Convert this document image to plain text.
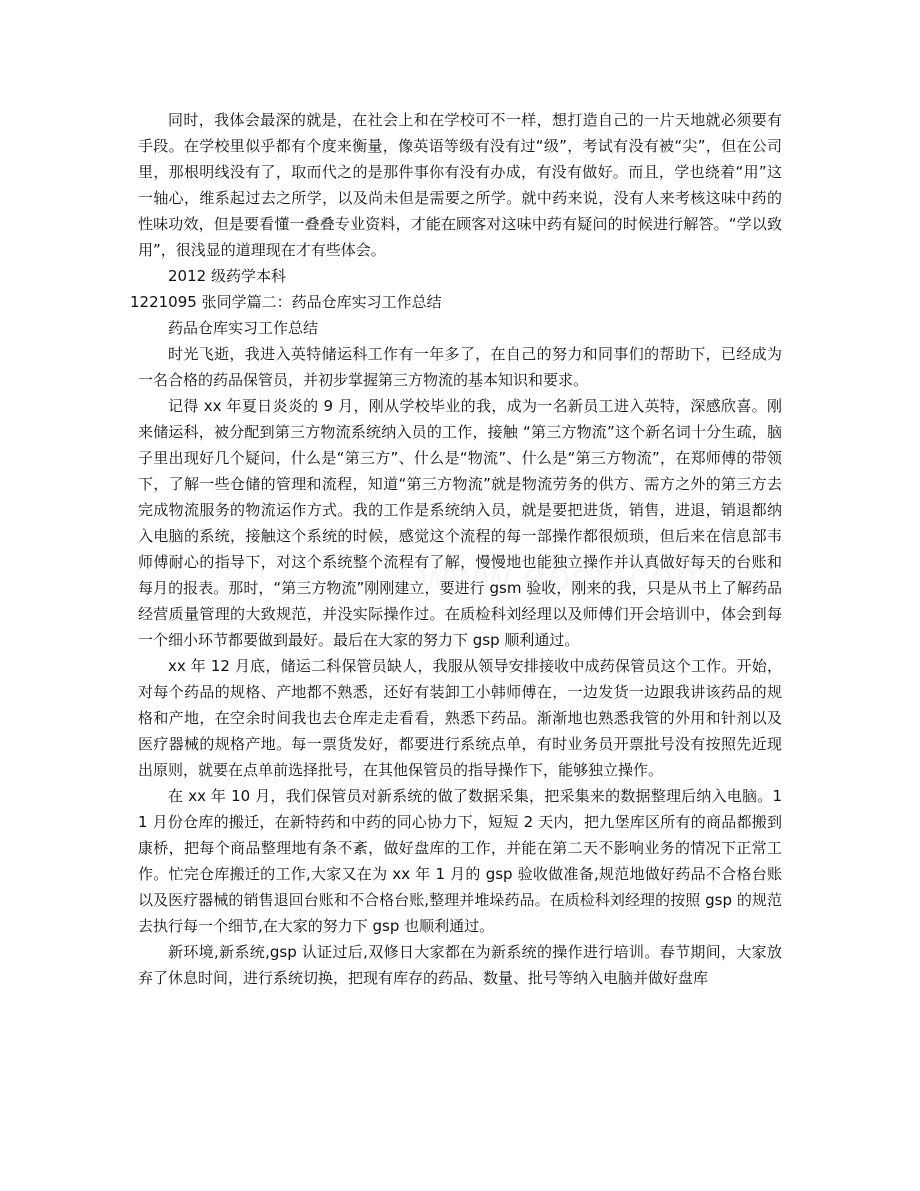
同时，我体会最深的就是，在社会上和在学校可不一样，想打造自己的一片天地就必须要有手段。在学校里似乎都有个度来衡量，像英语等级有没有过“级”，考试有没有被“尖”，但在公司里，那根明线没有了，取而代之的是那件事你有没有办成，有没有做好。而且，学也绕着“用”这一轴心，维系起过去之所学，以及尚未但是需要之所学。就中药来说，没有人来考核这味中药的性味功效，但是要看懂一叠叠专业资料，才能在顾客对这味中药有疑问的时候进行解答。“学以致用”，很浅显的道理现在才有些体会。

2012 级药学本科

1221095 张同学篇二：药品仓库实习工作总结

药品仓库实习工作总结

时光飞逝，我进入英特储运科工作有一年多了，在自己的努力和同事们的帮助下，已经成为一名合格的药品保管员，并初步掌握第三方物流的基本知识和要求。

记得 xx 年夏日炎炎的 9 月，刚从学校毕业的我，成为一名新员工进入英特，深感欣喜。刚来储运科，被分配到第三方物流系统纳入员的工作，接触 “第三方物流”这个新名词十分生疏，脑子里出现好几个疑问，什么是“第三方”、什么是“物流”、什么是“第三方物流”，在郑师傅的带领下，了解一些仓储的管理和流程，知道“第三方物流”就是物流劳务的供方、需方之外的第三方去完成物流服务的物流运作方式。我的工作是系统纳入员，就是要把进货，销售，进退，销退都纳入电脑的系统，接触这个系统的时候，感觉这个流程的每一部操作都很烦琐，但后来在信息部韦师傅耐心的指导下，对这个系统整个流程有了解，慢慢地也能独立操作并认真做好每天的台账和每月的报表。那时，“第三方物流”刚刚建立，要进行 gsm 验收，刚来的我，只是从书上了解药品经营质量管理的大致规范，并没实际操作过。在质检科刘经理以及师傅们开会培训中，体会到每一个细小环节都要做到最好。最后在大家的努力下 gsp 顺利通过。

xx 年 12 月底，储运二科保管员缺人，我服从领导安排接收中成药保管员这个工作。开始，对每个药品的规格、产地都不熟悉，还好有装卸工小韩师傅在，一边发货一边跟我讲该药品的规格和产地，在空余时间我也去仓库走走看看，熟悉下药品。渐渐地也熟悉我管的外用和针剂以及医疗器械的规格产地。每一票货发好，都要进行系统点单，有时业务员开票批号没有按照先近现出原则，就要在点单前选择批号，在其他保管员的指导操作下，能够独立操作。

在 xx 年 10 月，我们保管员对新系统的做了数据采集，把采集来的数据整理后纳入电脑。11 月份仓库的搬迁，在新特药和中药的同心协力下，短短 2 天内，把九堡库区所有的商品都搬到康桥，把每个商品整理地有条不紊，做好盘库的工作，并能在第二天不影响业务的情况下正常工作。忙完仓库搬迁的工作,大家又在为 xx 年 1 月的 gsp 验收做准备,规范地做好药品不合格台账以及医疗器械的销售退回台账和不合格台账,整理并堆垛药品。在质检科刘经理的按照 gsp 的规范去执行每一个细节,在大家的努力下 gsp 也顺利通过。

新环境,新系统,gsp 认证过后,双修日大家都在为新系统的操作进行培训。春节期间，大家放弃了休息时间，进行系统切换，把现有库存的药品、数量、批号等纳入电脑并做好盘库
